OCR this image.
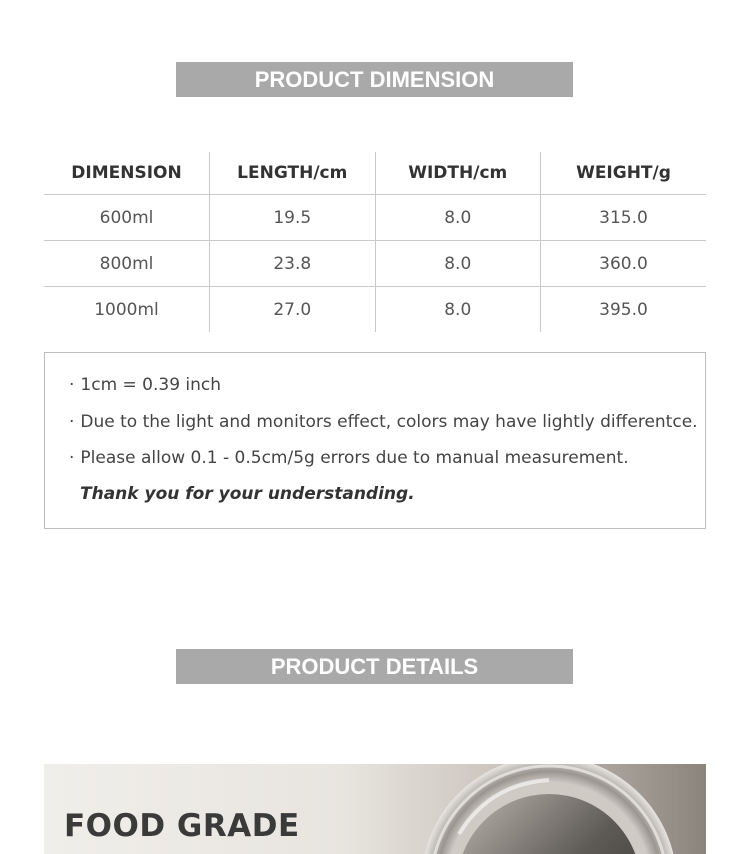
PRODUCT DIMENSION
DIMENSION	LENGTH/cm	WIDTH/cm	WEIGHT/g
600ml	19.5	8.0	315.0
800ml	23.8	8.0	360.0
1000ml	27.0	8.0	395.0
· 1cm = 0.39 inch
· Due to the light and monitors effect, colors may have lightly differentce.
· Please allow 0.1 - 0.5cm/5g errors due to manual measurement.
Thank you for your understanding.
PRODUCT DETAILS
FOOD GRADE
